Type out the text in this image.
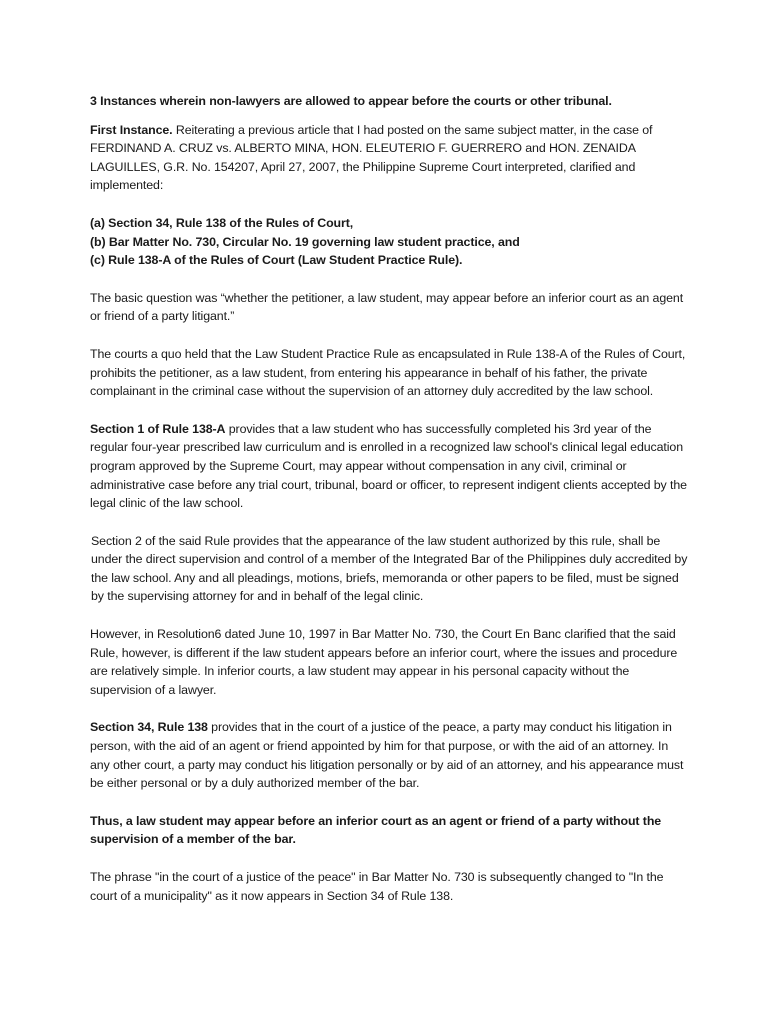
3 Instances wherein non-lawyers are allowed to appear before the courts or other tribunal.

First Instance. Reiterating a previous article that I had posted on the same subject matter, in the case of FERDINAND A. CRUZ vs. ALBERTO MINA, HON. ELEUTERIO F. GUERRERO and HON. ZENAIDA LAGUILLES, G.R. No. 154207, April 27, 2007, the Philippine Supreme Court interpreted, clarified and implemented:

(a) Section 34, Rule 138 of the Rules of Court,

(b) Bar Matter No. 730, Circular No. 19 governing law student practice, and

(c) Rule 138-A of the Rules of Court (Law Student Practice Rule).

The basic question was “whether the petitioner, a law student, may appear before an inferior court as an agent or friend of a party litigant.”

The courts a quo held that the Law Student Practice Rule as encapsulated in Rule 138-A of the Rules of Court, prohibits the petitioner, as a law student, from entering his appearance in behalf of his father, the private complainant in the criminal case without the supervision of an attorney duly accredited by the law school.

Section 1 of Rule 138-A provides that a law student who has successfully completed his 3rd year of the regular four-year prescribed law curriculum and is enrolled in a recognized law school's clinical legal education program approved by the Supreme Court, may appear without compensation in any civil, criminal or administrative case before any trial court, tribunal, board or officer, to represent indigent clients accepted by the legal clinic of the law school.

Section 2 of the said Rule provides that the appearance of the law student authorized by this rule, shall be under the direct supervision and control of a member of the Integrated Bar of the Philippines duly accredited by the law school. Any and all pleadings, motions, briefs, memoranda or other papers to be filed, must be signed by the supervising attorney for and in behalf of the legal clinic.

However, in Resolution6 dated June 10, 1997 in Bar Matter No. 730, the Court En Banc clarified that the said Rule, however, is different if the law student appears before an inferior court, where the issues and procedure are relatively simple. In inferior courts, a law student may appear in his personal capacity without the supervision of a lawyer.

Section 34, Rule 138 provides that in the court of a justice of the peace, a party may conduct his litigation in person, with the aid of an agent or friend appointed by him for that purpose, or with the aid of an attorney. In any other court, a party may conduct his litigation personally or by aid of an attorney, and his appearance must be either personal or by a duly authorized member of the bar.

Thus, a law student may appear before an inferior court as an agent or friend of a party without the supervision of a member of the bar.

The phrase "in the court of a justice of the peace" in Bar Matter No. 730 is subsequently changed to "In the court of a municipality" as it now appears in Section 34 of Rule 138.
